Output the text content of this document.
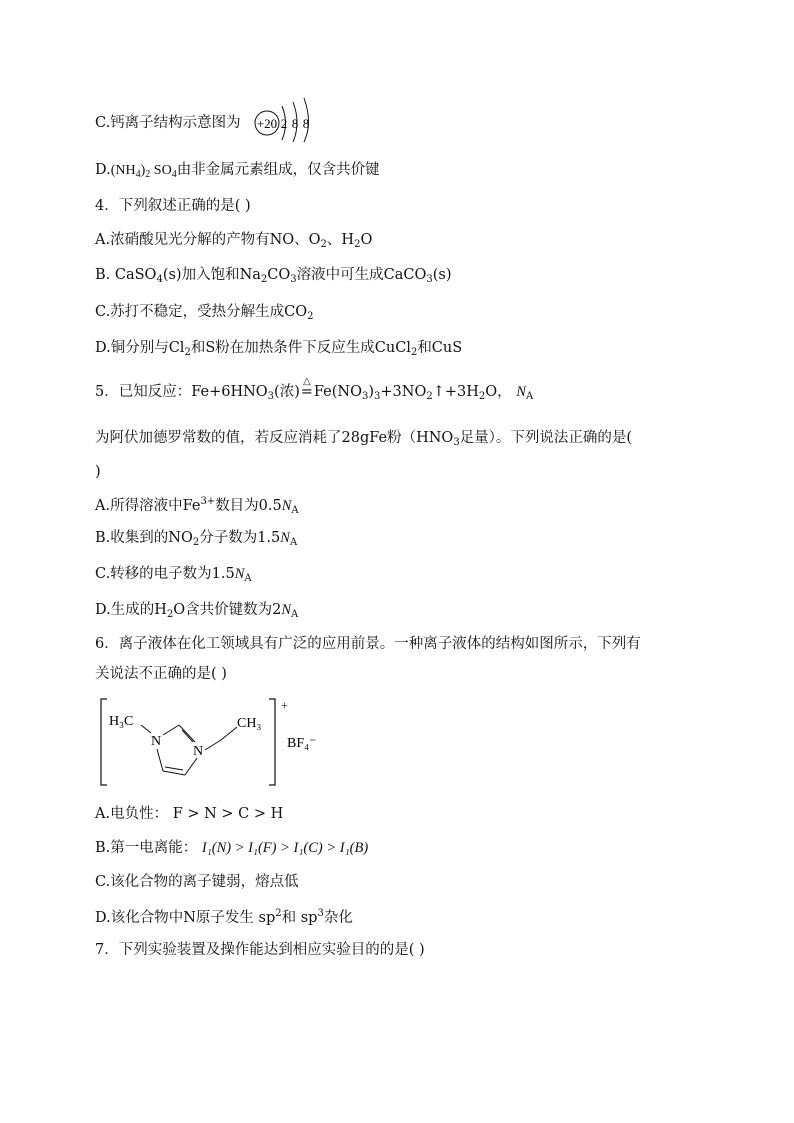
C.钙离子结构示意图为 +20 2 8 8
$D.(NH_4)_2$ $SO_4$由非金属元素组成，仅含共价键
4．下列叙述正确的是( )
A.浓硝酸见光分解的产物有NO、$O_2$、$H_2O$
B. CaSO$_4$(s)加入饱和$Na_2CO_3$溶液中可生成CaCO$_3$(s)
C.苏打不稳定，受热分解生成$CO_2$
D.铜分别与$Cl_2$和S粉在加热条件下反应生成CuCl$_2$和CuS
5．已知反应：$Fe+6HNO_3$(浓)
△
$=Fe(NO_3)_3+3NO_2↑+3H_2O$， $N_A$
为阿伏加德罗常数的值，若反应消耗了28gFe粉（$HNO_3$足量）。下列说法正确的是(
)
A.所得溶液中$Fe^{3+}$数目为$0.5N_A$
B.收集到的$NO_2$分子数为$1.5N_A$
C.转移的电子数为$1.5N_A$
D.生成的$H_2O$含共价键数为$2N_A$
6．离子液体在化工领域具有广泛的应用前景。一种离子液体的结构如图所示，下列有
关说法不正确的是( )
+
BF₄⁻
H₃C
N
N
CH₃
A.电负性： F > N > C > H
B.第一电离能： I₁(N) > I₁(F) > I₁(C) > I₁(B)
C.该化合物的离子键弱，熔点低
D.该化合物中N原子发生 $sp^2$和 $sp^3$杂化
7．下列实验装置及操作能达到相应实验目的的是( )
